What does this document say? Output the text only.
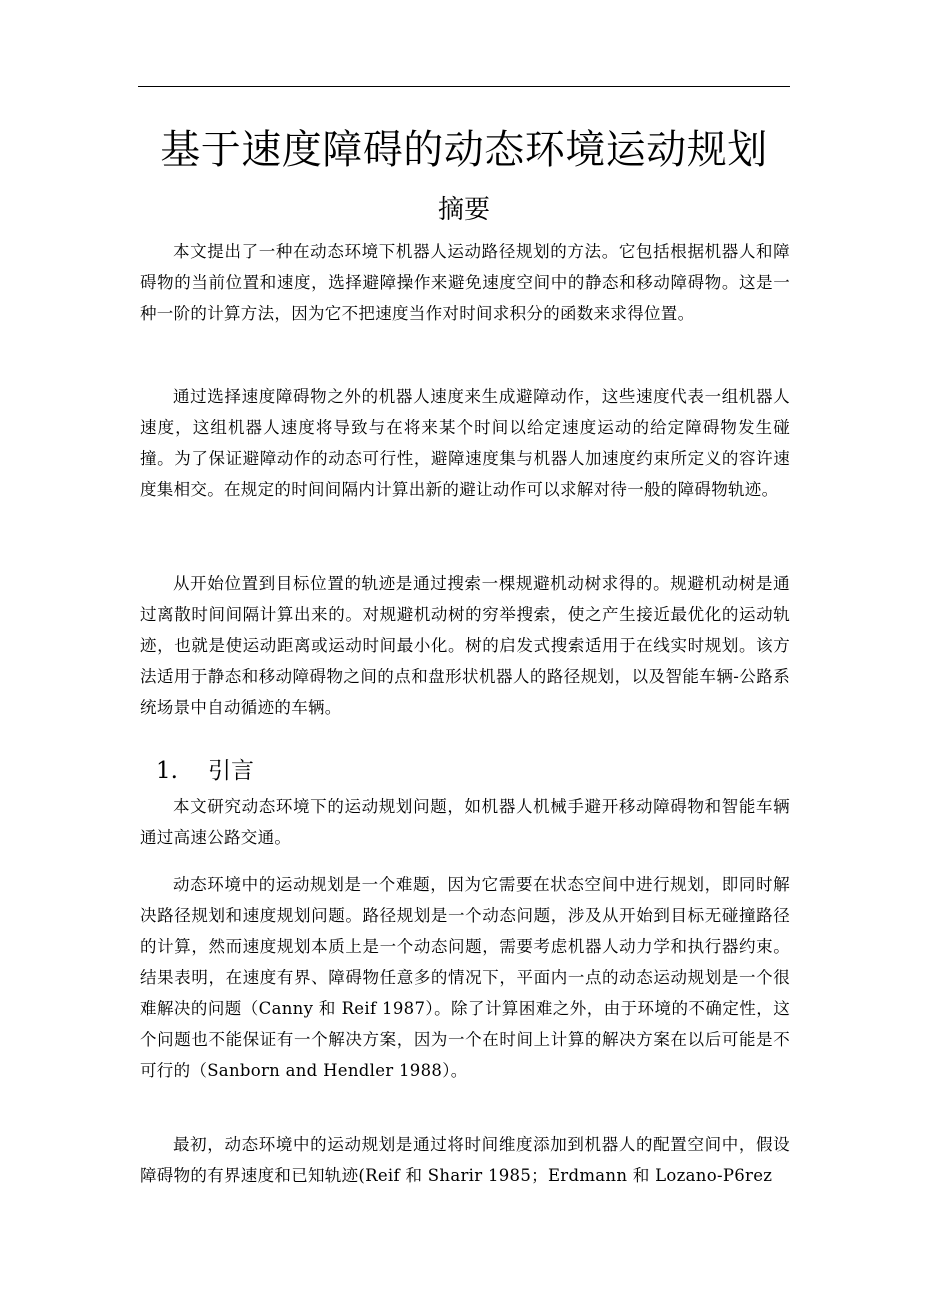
基于速度障碍的动态环境运动规划
摘要

本文提出了一种在动态环境下机器人运动路径规划的方法。它包括根据机器人和障碍物的当前位置和速度，选择避障操作来避免速度空间中的静态和移动障碍物。这是一种一阶的计算方法，因为它不把速度当作对时间求积分的函数来求得位置。

通过选择速度障碍物之外的机器人速度来生成避障动作，这些速度代表一组机器人速度，这组机器人速度将导致与在将来某个时间以给定速度运动的给定障碍物发生碰撞。为了保证避障动作的动态可行性，避障速度集与机器人加速度约束所定义的容许速度集相交。在规定的时间间隔内计算出新的避让动作可以求解对待一般的障碍物轨迹。

从开始位置到目标位置的轨迹是通过搜索一棵规避机动树求得的。规避机动树是通过离散时间间隔计算出来的。对规避机动树的穷举搜索，使之产生接近最优化的运动轨迹，也就是使运动距离或运动时间最小化。树的启发式搜索适用于在线实时规划。该方法适用于静态和移动障碍物之间的点和盘形状机器人的路径规划，以及智能车辆-公路系统场景中自动循迹的车辆。

1. 引言

本文研究动态环境下的运动规划问题，如机器人机械手避开移动障碍物和智能车辆通过高速公路交通。

动态环境中的运动规划是一个难题，因为它需要在状态空间中进行规划，即同时解决路径规划和速度规划问题。路径规划是一个动态问题，涉及从开始到目标无碰撞路径的计算，然而速度规划本质上是一个动态问题，需要考虑机器人动力学和执行器约束。结果表明，在速度有界、障碍物任意多的情况下，平面内一点的动态运动规划是一个很难解决的问题（Canny 和 Reif 1987）。除了计算困难之外，由于环境的不确定性，这个问题也不能保证有一个解决方案，因为一个在时间上计算的解决方案在以后可能是不可行的（Sanborn and Hendler 1988）。

最初，动态环境中的运动规划是通过将时间维度添加到机器人的配置空间中，假设障碍物的有界速度和已知轨迹(Reif 和 Sharir 1985；Erdmann 和 Lozano-P6rez
